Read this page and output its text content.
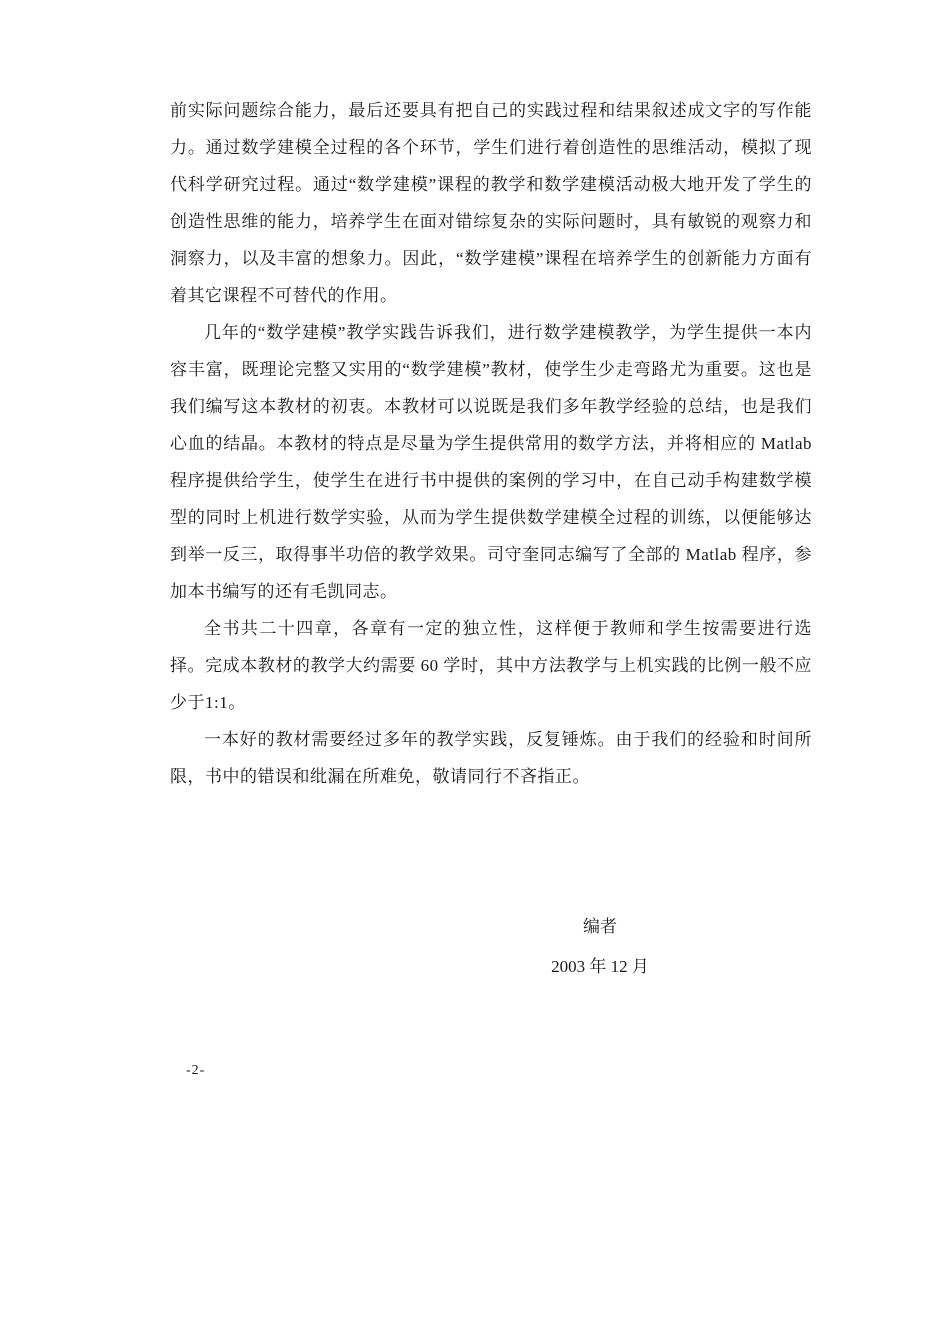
前实际问题综合能力，最后还要具有把自己的实践过程和结果叙述成文字的写作能力。通过数学建模全过程的各个环节，学生们进行着创造性的思维活动，模拟了现代科学研究过程。通过“数学建模”课程的教学和数学建模活动极大地开发了学生的创造性思维的能力，培养学生在面对错综复杂的实际问题时，具有敏锐的观察力和洞察力，以及丰富的想象力。因此，“数学建模”课程在培养学生的创新能力方面有着其它课程不可替代的作用。

几年的“数学建模”教学实践告诉我们，进行数学建模教学，为学生提供一本内容丰富，既理论完整又实用的“数学建模”教材，使学生少走弯路尤为重要。这也是我们编写这本教材的初衷。本教材可以说既是我们多年教学经验的总结，也是我们心血的结晶。本教材的特点是尽量为学生提供常用的数学方法，并将相应的 Matlab 程序提供给学生，使学生在进行书中提供的案例的学习中，在自己动手构建数学模型的同时上机进行数学实验，从而为学生提供数学建模全过程的训练，以便能够达到举一反三，取得事半功倍的教学效果。司守奎同志编写了全部的 Matlab 程序，参加本书编写的还有毛凯同志。

全书共二十四章，各章有一定的独立性，这样便于教师和学生按需要进行选择。完成本教材的教学大约需要 60 学时，其中方法教学与上机实践的比例一般不应少于1:1。

一本好的教材需要经过多年的教学实践，反复锤炼。由于我们的经验和时间所限，书中的错误和纰漏在所难免，敬请同行不吝指正。

编者
2003 年 12 月
-2-
